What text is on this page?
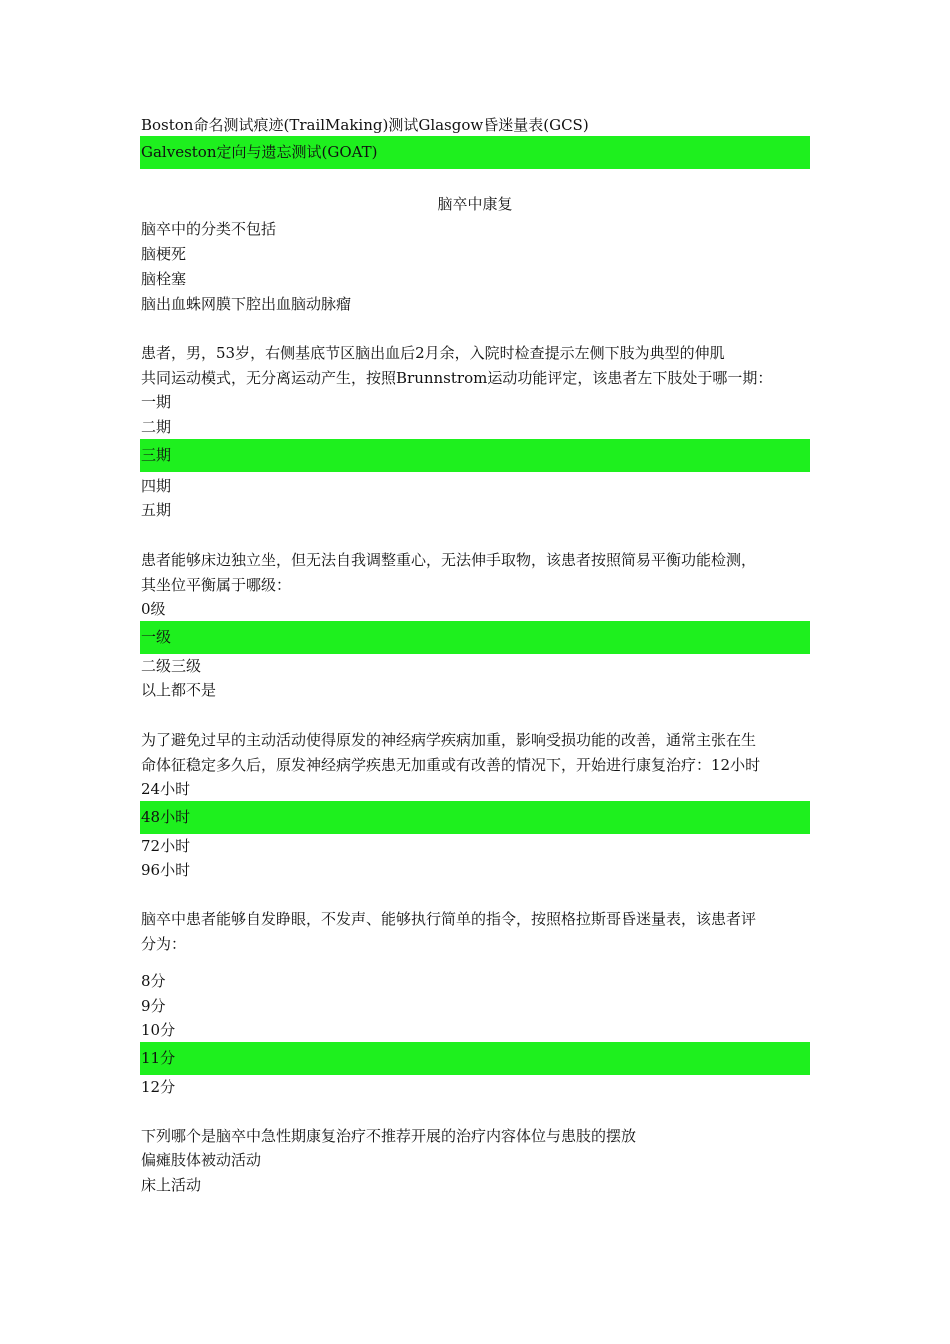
Boston命名测试痕迹(TrailMaking)测试Glasgow昏迷量表(GCS)
Galveston定向与遗忘测试(GOAT)
脑卒中康复
脑卒中的分类不包括
脑梗死
脑栓塞
脑出血蛛网膜下腔出血脑动脉瘤
患者，男，53岁，右侧基底节区脑出血后2月余，入院时检查提示左侧下肢为典型的伸肌
共同运动模式，无分离运动产生，按照Brunnstrom运动功能评定，该患者左下肢处于哪一期：
一期
二期
三期
四期
五期
患者能够床边独立坐，但无法自我调整重心，无法伸手取物，该患者按照简易平衡功能检测，
其坐位平衡属于哪级：
0级
一级
二级三级
以上都不是
为了避免过早的主动活动使得原发的神经病学疾病加重，影响受损功能的改善，通常主张在生
命体征稳定多久后，原发神经病学疾患无加重或有改善的情况下，开始进行康复治疗：12小时
24小时
48小时
72小时
96小时
脑卒中患者能够自发睁眼，不发声、能够执行简单的指令，按照格拉斯哥昏迷量表，该患者评
分为：
8分
9分
10分
11分
12分
下列哪个是脑卒中急性期康复治疗不推荐开展的治疗内容体位与患肢的摆放
偏瘫肢体被动活动
床上活动
